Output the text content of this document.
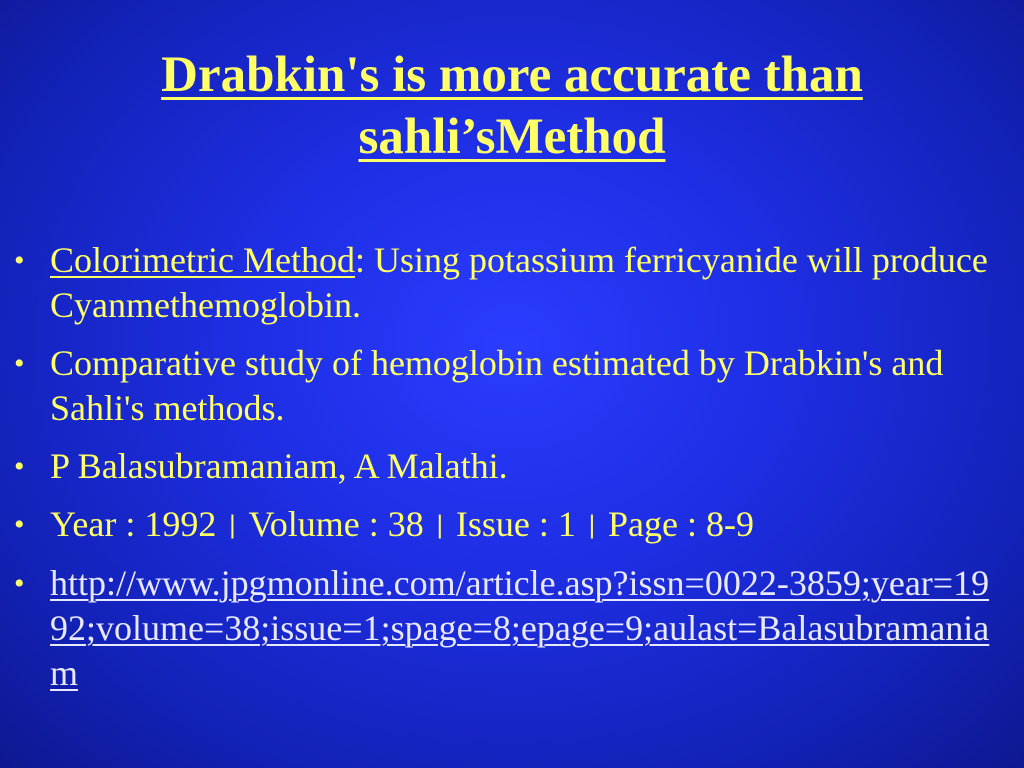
Drabkin's is more accurate than
sahli’sMethod
• Colorimetric Method: Using potassium ferricyanide will produce Cyanmethemoglobin.
• Comparative study of hemoglobin estimated by Drabkin's and Sahli's methods.
• P Balasubramaniam, A Malathi.
• Year : 1992 | Volume : 38 | Issue : 1 | Page : 8-9
• http://www.jpgmonline.com/article.asp?issn=0022-3859;year=1992;volume=38;issue=1;spage=8;epage=9;aulast=Balasubramaniam
